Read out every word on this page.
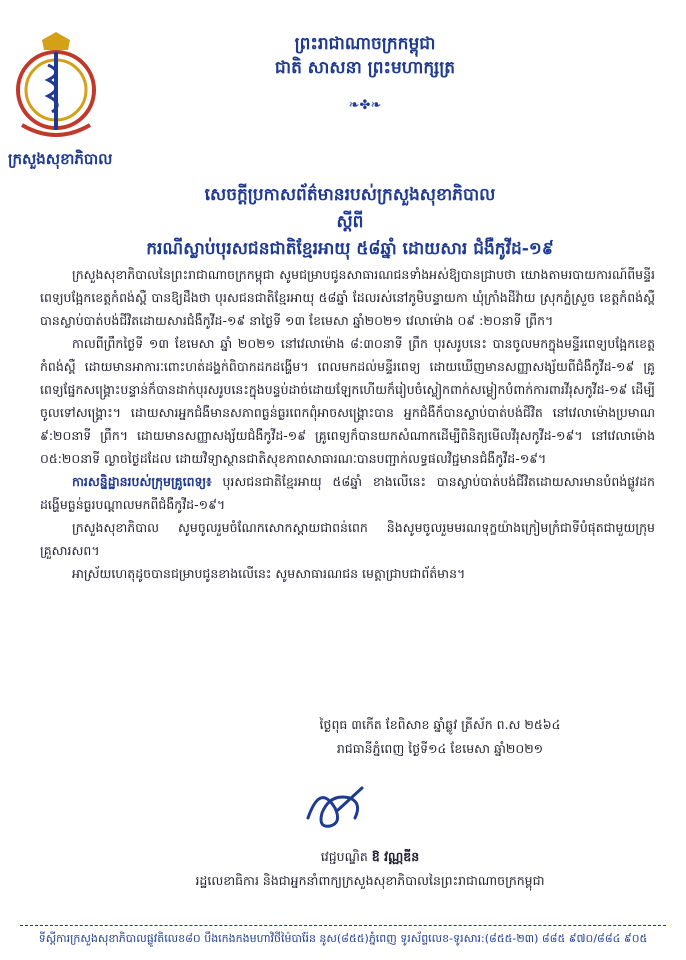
ក្រសួងសុខាភិបាល
ព្រះរាជាណាចក្រកម្ពុជា
ជាតិ សាសនា ព្រះមហាក្សត្រ
❧✤❧
សេចក្តីប្រកាសព័ត៌មានរបស់ក្រសួងសុខាភិបាល
ស្តីពី
ករណីស្លាប់បុរសជនជាតិខ្មែរអាយុ ៥៨ឆ្នាំ ដោយសារ ជំងឺកូវីដ-១៩

ក្រសួងសុខាភិបាលនៃព្រះរាជាណាចក្រកម្ពុជា សូមជម្រាបជូនសាធារណជនទាំងអស់ឱ្យបានជ្រាបថា យោងតាមរបាយការណ៍ពីមន្ទីរពេទ្យបង្អែកខេត្តកំពង់ស្ពឺ បានឱ្យដឹងថា បុរសជនជាតិខ្មែរអាយុ ៥៨ឆ្នាំ ដែលរស់នៅភូមិបន្ទាយកា ឃុំក្រាំងដីវ៉ាយ ស្រុកភ្នំស្រួច ខេត្តកំពង់ស្ពឺ បានស្លាប់បាត់បង់ជីវិតដោយសារជំងឺកូវីដ-១៩ នាថ្ងៃទី ១៣ ខែមេសា ឆ្នាំ២០២១ វេលាម៉ោង ០៩ :២០នាទី ព្រឹក។

កាលពីព្រឹកថ្ងៃទី ១៣ ខែមេសា ឆ្នាំ ២០២១ នៅវេលាម៉ោង ៨:៣០នាទី ព្រឹក បុរសរូបនេះ បានចូលមកក្នុងមន្ទីរពេទ្យបង្អែកខេត្តកំពង់ស្ពឺ ដោយមានអាការៈពោះហត់ដង្ហក់ពិបាកដកដង្ហើម។ ពេលមកដល់មន្ទីរពេទ្យ ដោយឃើញមានសញ្ញាសង្ស័យពីជំងឺកូវីដ-១៩ គ្រូពេទ្យផ្នែកសង្គ្រោះបន្ទាន់ក៏បានដាក់បុរសរូបនេះក្នុងបន្ទប់ដាច់ដោយឡែកហើយក៏រៀបចំស្លៀកពាក់សម្លៀកបំពាក់ការពារវីរុសកូវីដ-១៩ ដើម្បីចូលទៅសង្គ្រោះ។ ដោយសារអ្នកជំងឺមានសភាពធ្ងន់ធ្ងរពេកពុំអាចសង្គ្រោះបាន អ្នកជំងឺក៏បានស្លាប់បាត់បង់ជីវិត នៅវេលាម៉ោងប្រមាណ ៩:២០នាទី ព្រឹក។ ដោយមានសញ្ញាសង្ស័យជំងឺកូវីដ-១៩ គ្រូពេទ្យក៏បានយកសំណាកដើម្បីពិនិត្យមើលវីរុសកូវីដ-១៩។ នៅវេលាម៉ោង ០៥:២០នាទី ល្ងាចថ្ងៃដដែល ដោយវិទ្យាស្ថានជាតិសុខភាពសាធារណៈបានបញ្ជាក់លទ្ធផលវិជ្ជមានជំងឺកូវីដ-១៩។

ការសន្និដ្ឋានរបស់ក្រុមគ្រូពេទ្យ៖ បុរសជនជាតិខ្មែរអាយុ ៥៨ឆ្នាំ ខាងលើនេះ បានស្លាប់បាត់បង់ជីវិតដោយសារមានបំពង់ផ្លូវដកដង្ហើមធ្ងន់ធ្ងរបណ្តាលមកពីជំងឺកូវីដ-១៩។

ក្រសួងសុខាភិបាល សូមចូលរួមចំណែកសោកស្តាយជាពន់ពេក និងសូមចូលរួមមរណទុក្ខយ៉ាងក្រៀមក្រំជាទីបំផុតជាមួយក្រុមគ្រួសារសព។

អាស្រ័យហេតុដូចបានជម្រាបជូនខាងលើនេះ សូមសាធារណជន មេត្តាជ្រាបជាព័ត៌មាន។

ថ្ងៃពុធ ៣កើត ខែពិសាខ ឆ្នាំឆ្លូវ ត្រីស័ក ព.ស ២៥៦៤
រាជធានីភ្នំពេញ ថ្ងៃទី១៤ ខែមេសា ឆ្នាំ២០២១
វេជ្ជបណ្ឌិត ឱ វណ្ណឌីន
រដ្ឋលេខាធិការ និងជាអ្នកនាំពាក្យក្រសួងសុខាភិបាលនៃព្រះរាជាណាចក្រកម្ពុជា
ទីស្តីការក្រសួងសុខាភិបាលផ្លូវតិលេខ៨០ បឹងកេងកងមហាវិថីម៉ៃបារ៉ែន នូស(៨៥៥)ភ្នំពេញ ទូរស័ព្ទលេខ-ទូរសារ:(៨៥៥-២៣) ៨៨៥ ៩៧០/៨៨៤ ៩០៥
